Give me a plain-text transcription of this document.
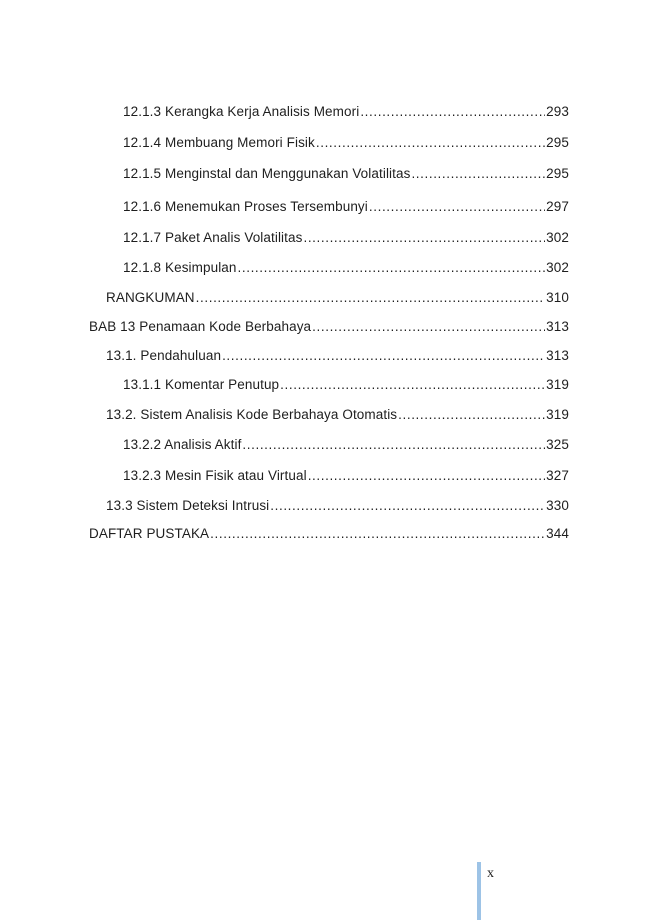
12.1.3 Kerangka Kerja Analisis Memori .....	293
12.1.4 Membuang Memori Fisik .....	295
12.1.5 Menginstal dan Menggunakan Volatilitas .....	295
12.1.6 Menemukan Proses Tersembunyi .....	297
12.1.7 Paket Analis Volatilitas .....	302
12.1.8 Kesimpulan .....	302
RANGKUMAN .....	310
BAB 13 Penamaan Kode Berbahaya .....	313
13.1. Pendahuluan .....	313
13.1.1 Komentar Penutup .....	319
13.2. Sistem Analisis Kode Berbahaya Otomatis .....	319
13.2.2 Analisis Aktif .....	325
13.2.3 Mesin Fisik atau Virtual .....	327
13.3 Sistem Deteksi Intrusi .....	330
DAFTAR PUSTAKA .....	344
x
